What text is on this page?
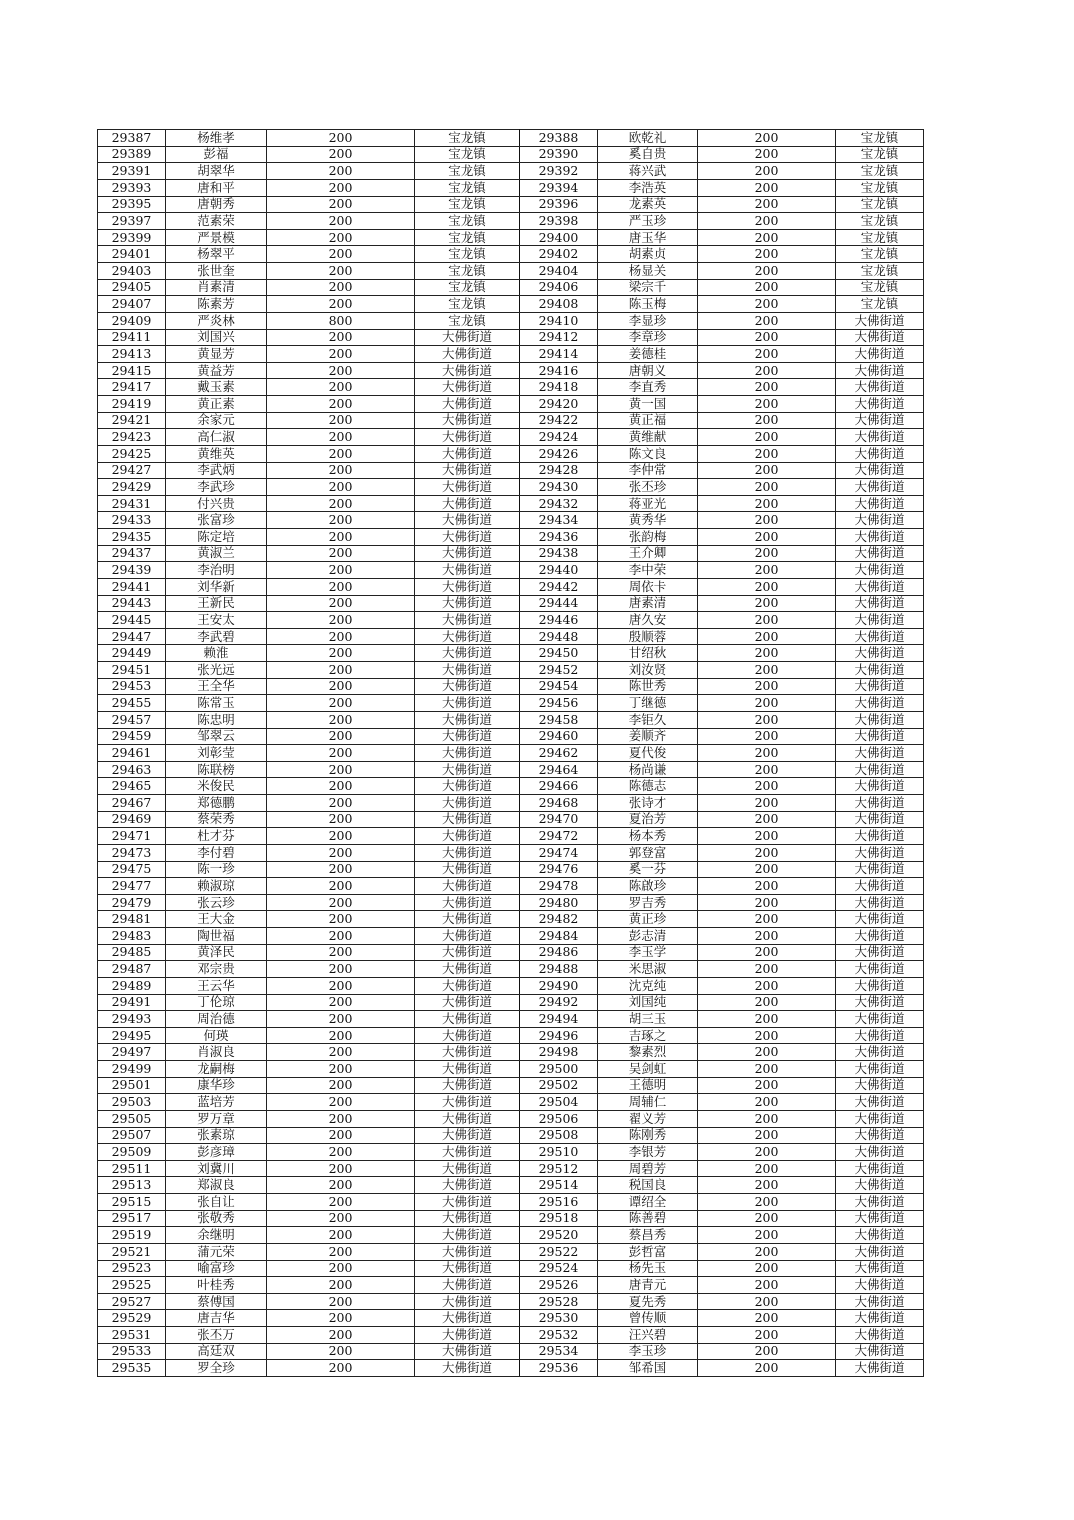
29387	杨维孝	200	宝龙镇	29388	欧乾礼	200	宝龙镇
29389	彭福	200	宝龙镇	29390	奚自贵	200	宝龙镇
29391	胡翠华	200	宝龙镇	29392	蒋兴武	200	宝龙镇
29393	唐和平	200	宝龙镇	29394	李浩英	200	宝龙镇
29395	唐朝秀	200	宝龙镇	29396	龙素英	200	宝龙镇
29397	范素荣	200	宝龙镇	29398	严玉珍	200	宝龙镇
29399	严景模	200	宝龙镇	29400	唐玉华	200	宝龙镇
29401	杨翠平	200	宝龙镇	29402	胡素贞	200	宝龙镇
29403	张世奎	200	宝龙镇	29404	杨显关	200	宝龙镇
29405	肖素清	200	宝龙镇	29406	梁宗千	200	宝龙镇
29407	陈素芳	200	宝龙镇	29408	陈玉梅	200	宝龙镇
29409	严炎林	800	宝龙镇	29410	李显珍	200	大佛街道
29411	刘国兴	200	大佛街道	29412	李章珍	200	大佛街道
29413	黄显芳	200	大佛街道	29414	姜德桂	200	大佛街道
29415	黄益芳	200	大佛街道	29416	唐朝义	200	大佛街道
29417	戴玉素	200	大佛街道	29418	李直秀	200	大佛街道
29419	黄正素	200	大佛街道	29420	黄一国	200	大佛街道
29421	余家元	200	大佛街道	29422	黄正福	200	大佛街道
29423	高仁淑	200	大佛街道	29424	黄维献	200	大佛街道
29425	黄维英	200	大佛街道	29426	陈文良	200	大佛街道
29427	李武炳	200	大佛街道	29428	李仲常	200	大佛街道
29429	李武珍	200	大佛街道	29430	张丕珍	200	大佛街道
29431	付兴贵	200	大佛街道	29432	蒋亚光	200	大佛街道
29433	张富珍	200	大佛街道	29434	黄秀华	200	大佛街道
29435	陈定培	200	大佛街道	29436	张韵梅	200	大佛街道
29437	黄淑兰	200	大佛街道	29438	王介卿	200	大佛街道
29439	李治明	200	大佛街道	29440	李中荣	200	大佛街道
29441	刘华新	200	大佛街道	29442	周依卡	200	大佛街道
29443	王新民	200	大佛街道	29444	唐素清	200	大佛街道
29445	王安太	200	大佛街道	29446	唐久安	200	大佛街道
29447	李武碧	200	大佛街道	29448	殷顺蓉	200	大佛街道
29449	赖淮	200	大佛街道	29450	甘绍秋	200	大佛街道
29451	张光远	200	大佛街道	29452	刘汝贤	200	大佛街道
29453	王全华	200	大佛街道	29454	陈世秀	200	大佛街道
29455	陈常玉	200	大佛街道	29456	丁继德	200	大佛街道
29457	陈忠明	200	大佛街道	29458	李钜久	200	大佛街道
29459	邹翠云	200	大佛街道	29460	姜顺齐	200	大佛街道
29461	刘彰莹	200	大佛街道	29462	夏代俊	200	大佛街道
29463	陈联榜	200	大佛街道	29464	杨尚谦	200	大佛街道
29465	米俊民	200	大佛街道	29466	陈德志	200	大佛街道
29467	郑德鹏	200	大佛街道	29468	张诗才	200	大佛街道
29469	蔡荣秀	200	大佛街道	29470	夏治芳	200	大佛街道
29471	杜才芬	200	大佛街道	29472	杨本秀	200	大佛街道
29473	李付碧	200	大佛街道	29474	郭登富	200	大佛街道
29475	陈一珍	200	大佛街道	29476	奚一芬	200	大佛街道
29477	赖淑琼	200	大佛街道	29478	陈啟珍	200	大佛街道
29479	张云珍	200	大佛街道	29480	罗吉秀	200	大佛街道
29481	王大金	200	大佛街道	29482	黄正珍	200	大佛街道
29483	陶世福	200	大佛街道	29484	彭志清	200	大佛街道
29485	黄泽民	200	大佛街道	29486	李玉学	200	大佛街道
29487	邓宗贵	200	大佛街道	29488	米思淑	200	大佛街道
29489	王云华	200	大佛街道	29490	沈克纯	200	大佛街道
29491	丁伦琼	200	大佛街道	29492	刘国纯	200	大佛街道
29493	周治德	200	大佛街道	29494	胡三玉	200	大佛街道
29495	何瑛	200	大佛街道	29496	吉琢之	200	大佛街道
29497	肖淑良	200	大佛街道	29498	黎素烈	200	大佛街道
29499	龙嗣梅	200	大佛街道	29500	吴剑虹	200	大佛街道
29501	康华珍	200	大佛街道	29502	王德明	200	大佛街道
29503	蓝培芳	200	大佛街道	29504	周辅仁	200	大佛街道
29505	罗万章	200	大佛街道	29506	翟义芳	200	大佛街道
29507	张素琼	200	大佛街道	29508	陈刚秀	200	大佛街道
29509	彭彦璋	200	大佛街道	29510	李银芳	200	大佛街道
29511	刘冀川	200	大佛街道	29512	周碧芳	200	大佛街道
29513	郑淑良	200	大佛街道	29514	税国良	200	大佛街道
29515	张自让	200	大佛街道	29516	谭绍全	200	大佛街道
29517	张敬秀	200	大佛街道	29518	陈善碧	200	大佛街道
29519	余继明	200	大佛街道	29520	蔡昌秀	200	大佛街道
29521	蒲元荣	200	大佛街道	29522	彭哲富	200	大佛街道
29523	喻富珍	200	大佛街道	29524	杨先玉	200	大佛街道
29525	叶桂秀	200	大佛街道	29526	唐青元	200	大佛街道
29527	蔡傅国	200	大佛街道	29528	夏先秀	200	大佛街道
29529	唐吉华	200	大佛街道	29530	曾传顺	200	大佛街道
29531	张丕万	200	大佛街道	29532	汪兴碧	200	大佛街道
29533	高廷双	200	大佛街道	29534	李玉珍	200	大佛街道
29535	罗全珍	200	大佛街道	29536	邹希国	200	大佛街道
